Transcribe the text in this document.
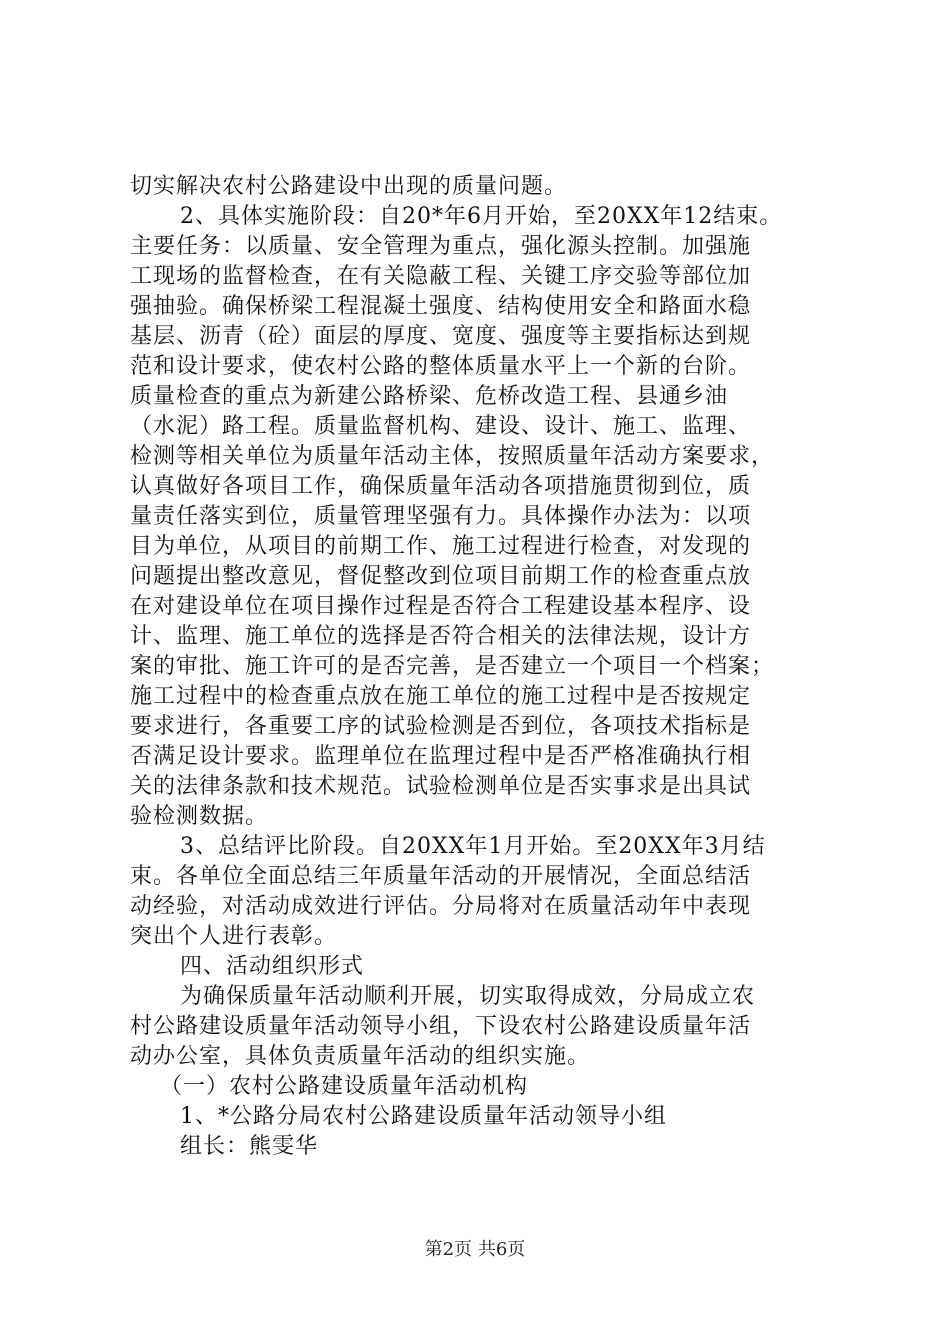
切实解决农村公路建设中出现的质量问题。
2、具体实施阶段：自20*年6月开始，至20XX年12结束。
主要任务：以质量、安全管理为重点，强化源头控制。加强施
工现场的监督检查，在有关隐蔽工程、关键工序交验等部位加
强抽验。确保桥梁工程混凝土强度、结构使用安全和路面水稳
基层、沥青（砼）面层的厚度、宽度、强度等主要指标达到规
范和设计要求，使农村公路的整体质量水平上一个新的台阶。
质量检查的重点为新建公路桥梁、危桥改造工程、县通乡油
（水泥）路工程。质量监督机构、建设、设计、施工、监理、
检测等相关单位为质量年活动主体，按照质量年活动方案要求，
认真做好各项目工作，确保质量年活动各项措施贯彻到位，质
量责任落实到位，质量管理坚强有力。具体操作办法为：以项
目为单位，从项目的前期工作、施工过程进行检查，对发现的
问题提出整改意见，督促整改到位项目前期工作的检查重点放
在对建设单位在项目操作过程是否符合工程建设基本程序、设
计、监理、施工单位的选择是否符合相关的法律法规，设计方
案的审批、施工许可的是否完善，是否建立一个项目一个档案；
施工过程中的检查重点放在施工单位的施工过程中是否按规定
要求进行，各重要工序的试验检测是否到位，各项技术指标是
否满足设计要求。监理单位在监理过程中是否严格准确执行相
关的法律条款和技术规范。试验检测单位是否实事求是出具试
验检测数据。
3、总结评比阶段。自20XX年1月开始。至20XX年3月结
束。各单位全面总结三年质量年活动的开展情况，全面总结活
动经验，对活动成效进行评估。分局将对在质量活动年中表现
突出个人进行表彰。
四、活动组织形式
为确保质量年活动顺利开展，切实取得成效，分局成立农
村公路建设质量年活动领导小组，下设农村公路建设质量年活
动办公室，具体负责质量年活动的组织实施。
（一）农村公路建设质量年活动机构
1、*公路分局农村公路建设质量年活动领导小组
组长：熊雯华
第2页 共6页
